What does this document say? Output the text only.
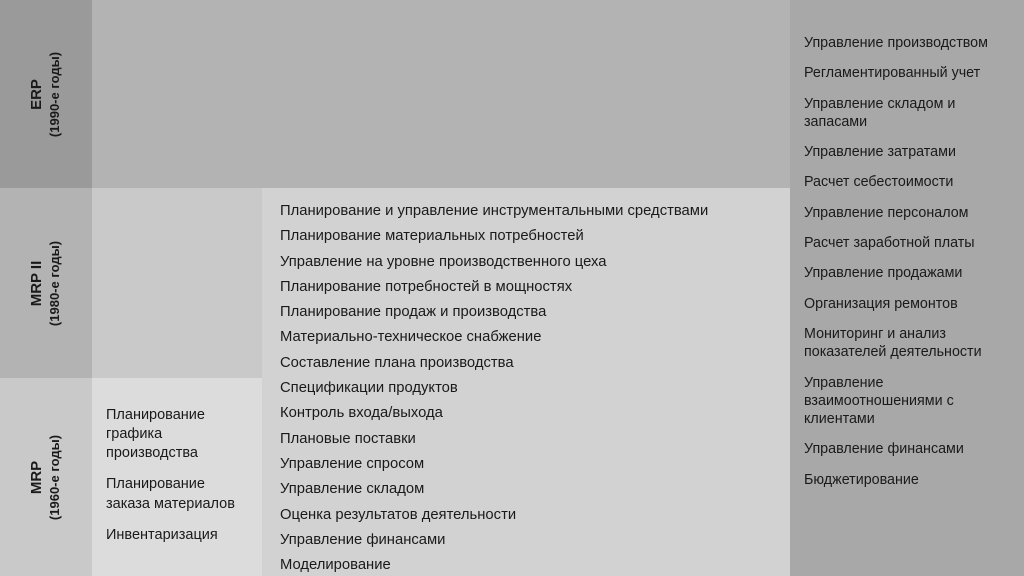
ERP (1990-е годы)
MRP II (1980-е годы)
MRP (1960-е годы)
Планирование графика производства
Планирование заказа материалов
Инвентаризация
Планирование и управление инструментальными средствами
Планирование материальных потребностей
Управление на уровне производственного цеха
Планирование потребностей в мощностях
Планирование продаж и производства
Материально-техническое снабжение
Составление плана производства
Спецификации продуктов
Контроль входа/выхода
Плановые поставки
Управление спросом
Управление складом
Оценка результатов деятельности
Управление финансами
Моделирование
Управление производством
Регламентированный учет
Управление складом и запасами
Управление затратами
Расчет себестоимости
Управление персоналом
Расчет заработной платы
Управление продажами
Организация ремонтов
Мониторинг и анализ показателей деятельности
Управление взаимоотношениями с клиентами
Управление финансами
Бюджетирование
